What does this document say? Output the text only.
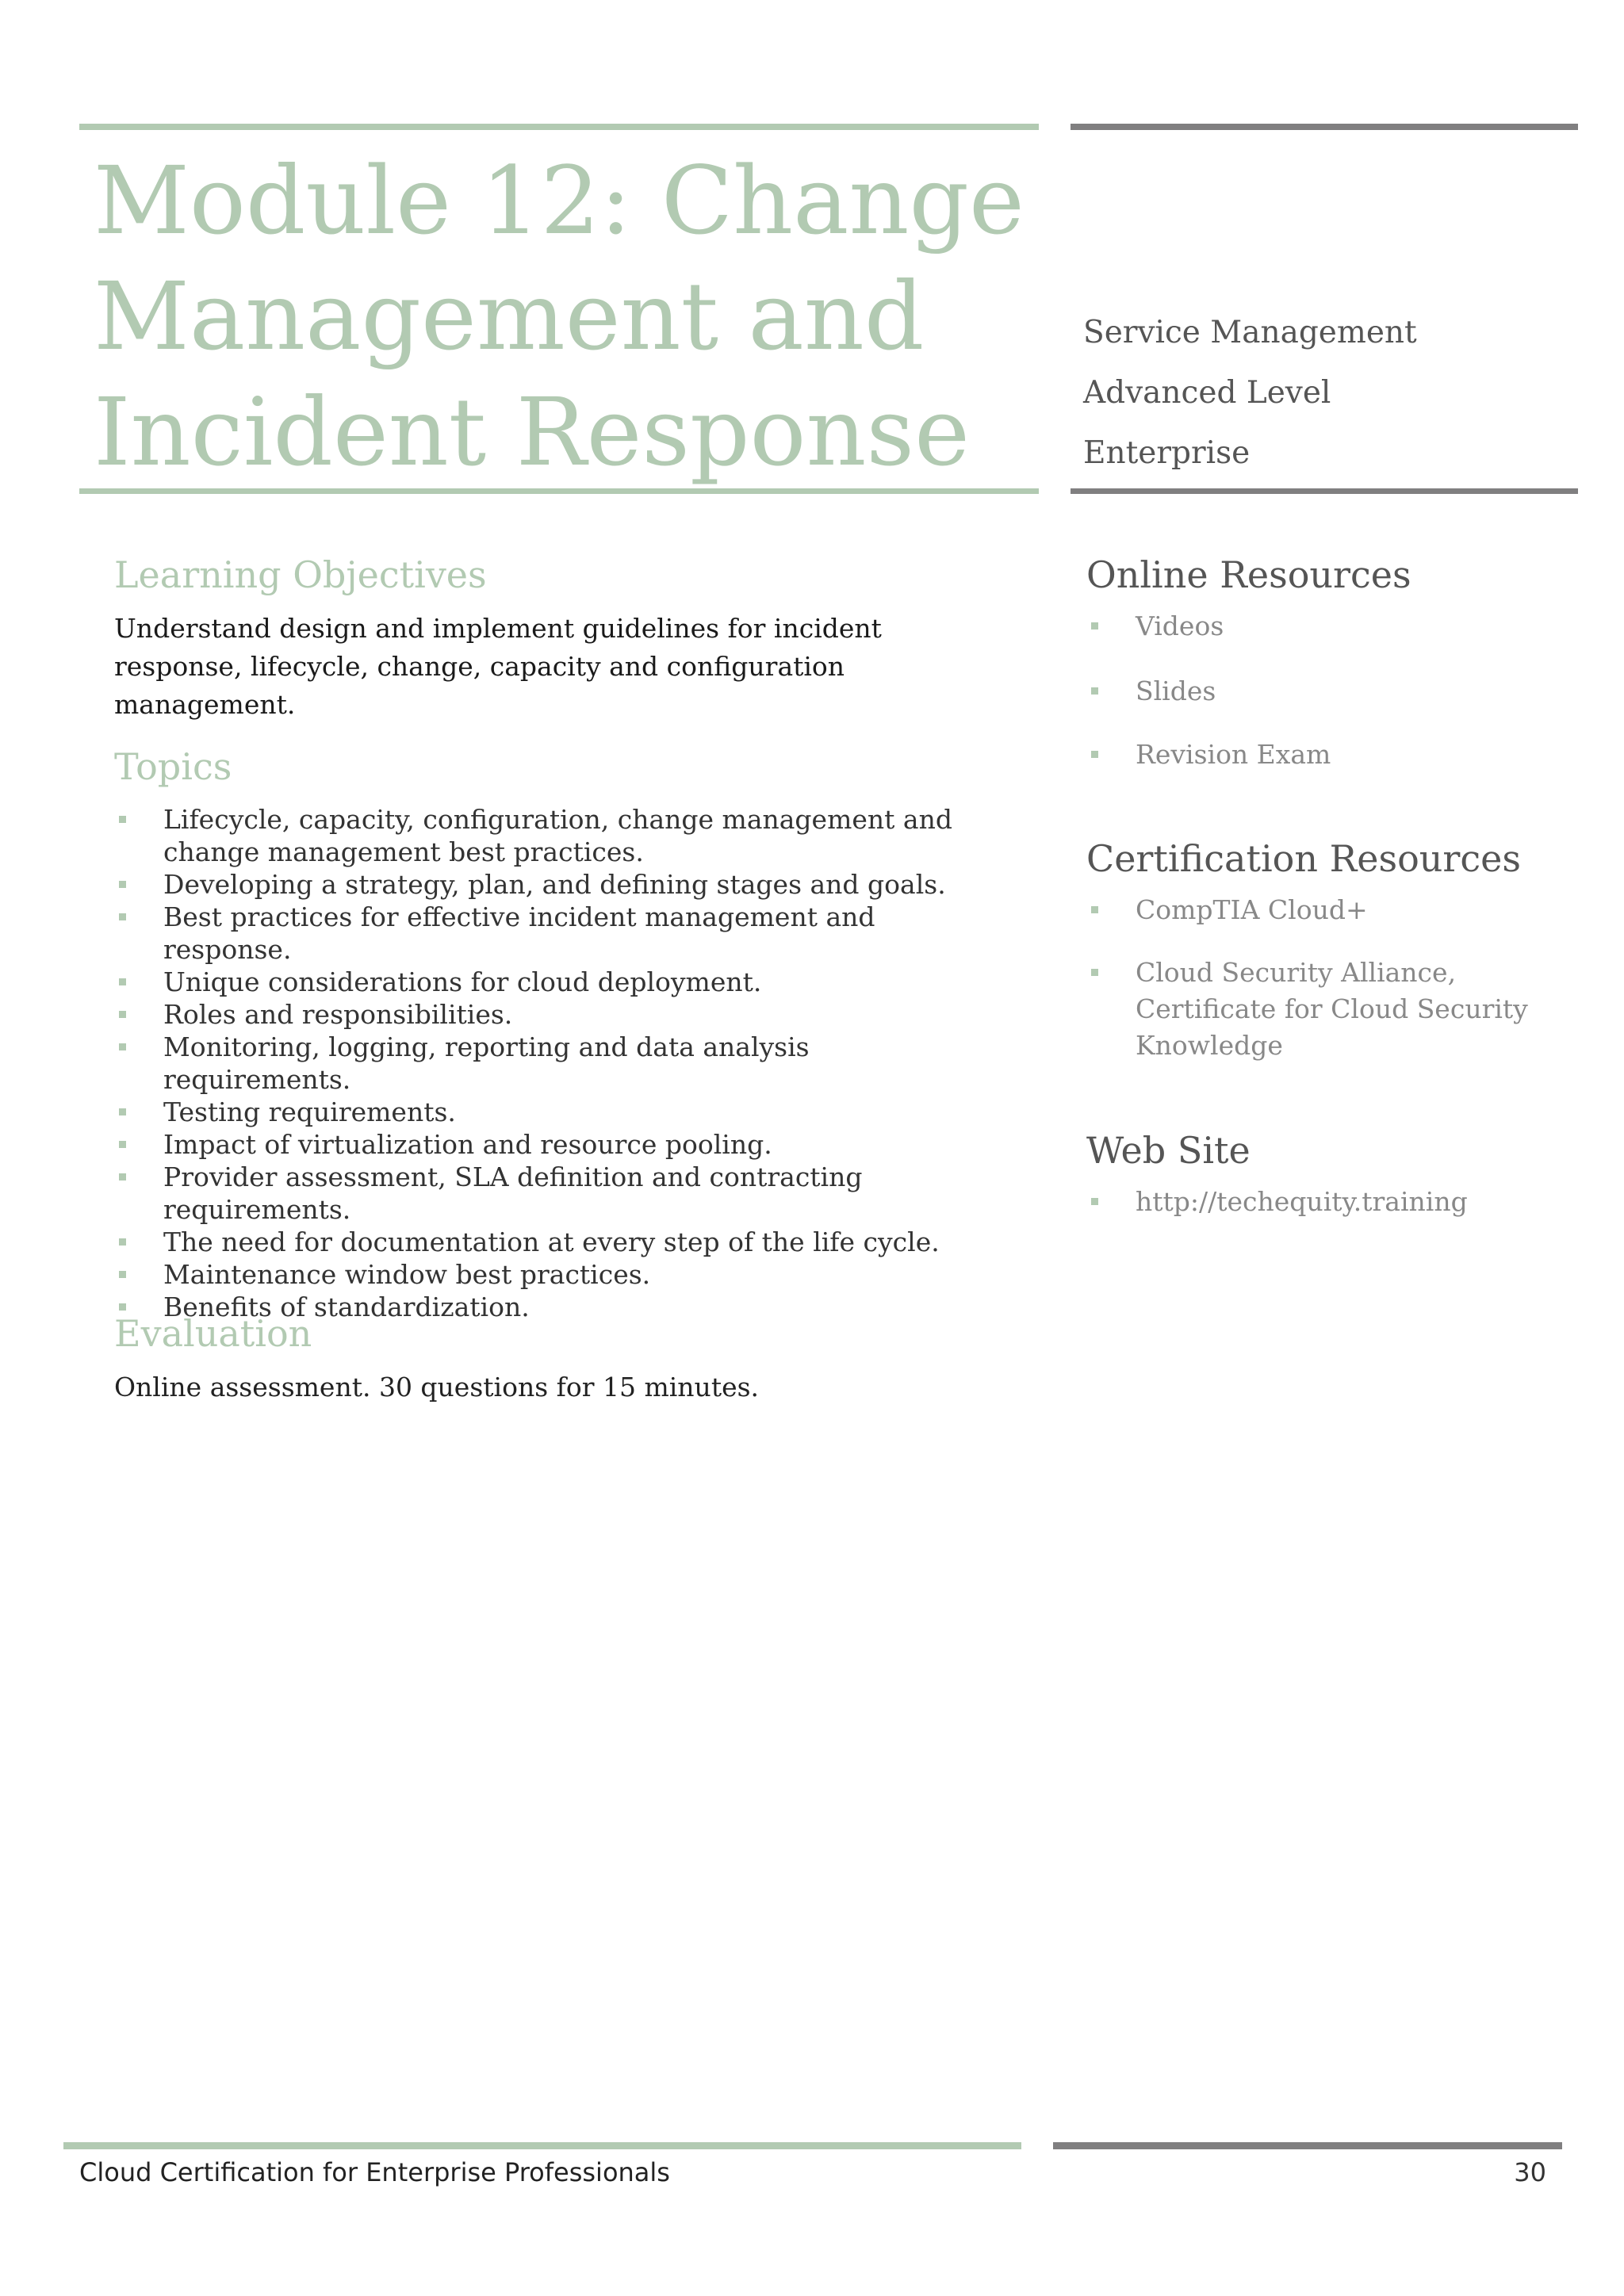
Module 12: Change Management and Incident Response
Service Management
Advanced Level
Enterprise
Learning Objectives

Understand design and implement guidelines for incident response, lifecycle, change, capacity and configuration management.

Topics
Lifecycle, capacity, configuration, change management and change management best practices.
Developing a strategy, plan, and defining stages and goals.
Best practices for effective incident management and response.
Unique considerations for cloud deployment.
Roles and responsibilities.
Monitoring, logging, reporting and data analysis requirements.
Testing requirements.
Impact of virtualization and resource pooling.
Provider assessment, SLA definition and contracting requirements.
The need for documentation at every step of the life cycle.
Maintenance window best practices.
Benefits of standardization.
Evaluation

Online assessment. 30 questions for 15 minutes.

Online Resources
Videos
Slides
Revision Exam
Certification Resources
CompTIA Cloud+
Cloud Security Alliance, Certificate for Cloud Security Knowledge
Web Site
http://techequity.training
Cloud Certification for Enterprise Professionals	30
